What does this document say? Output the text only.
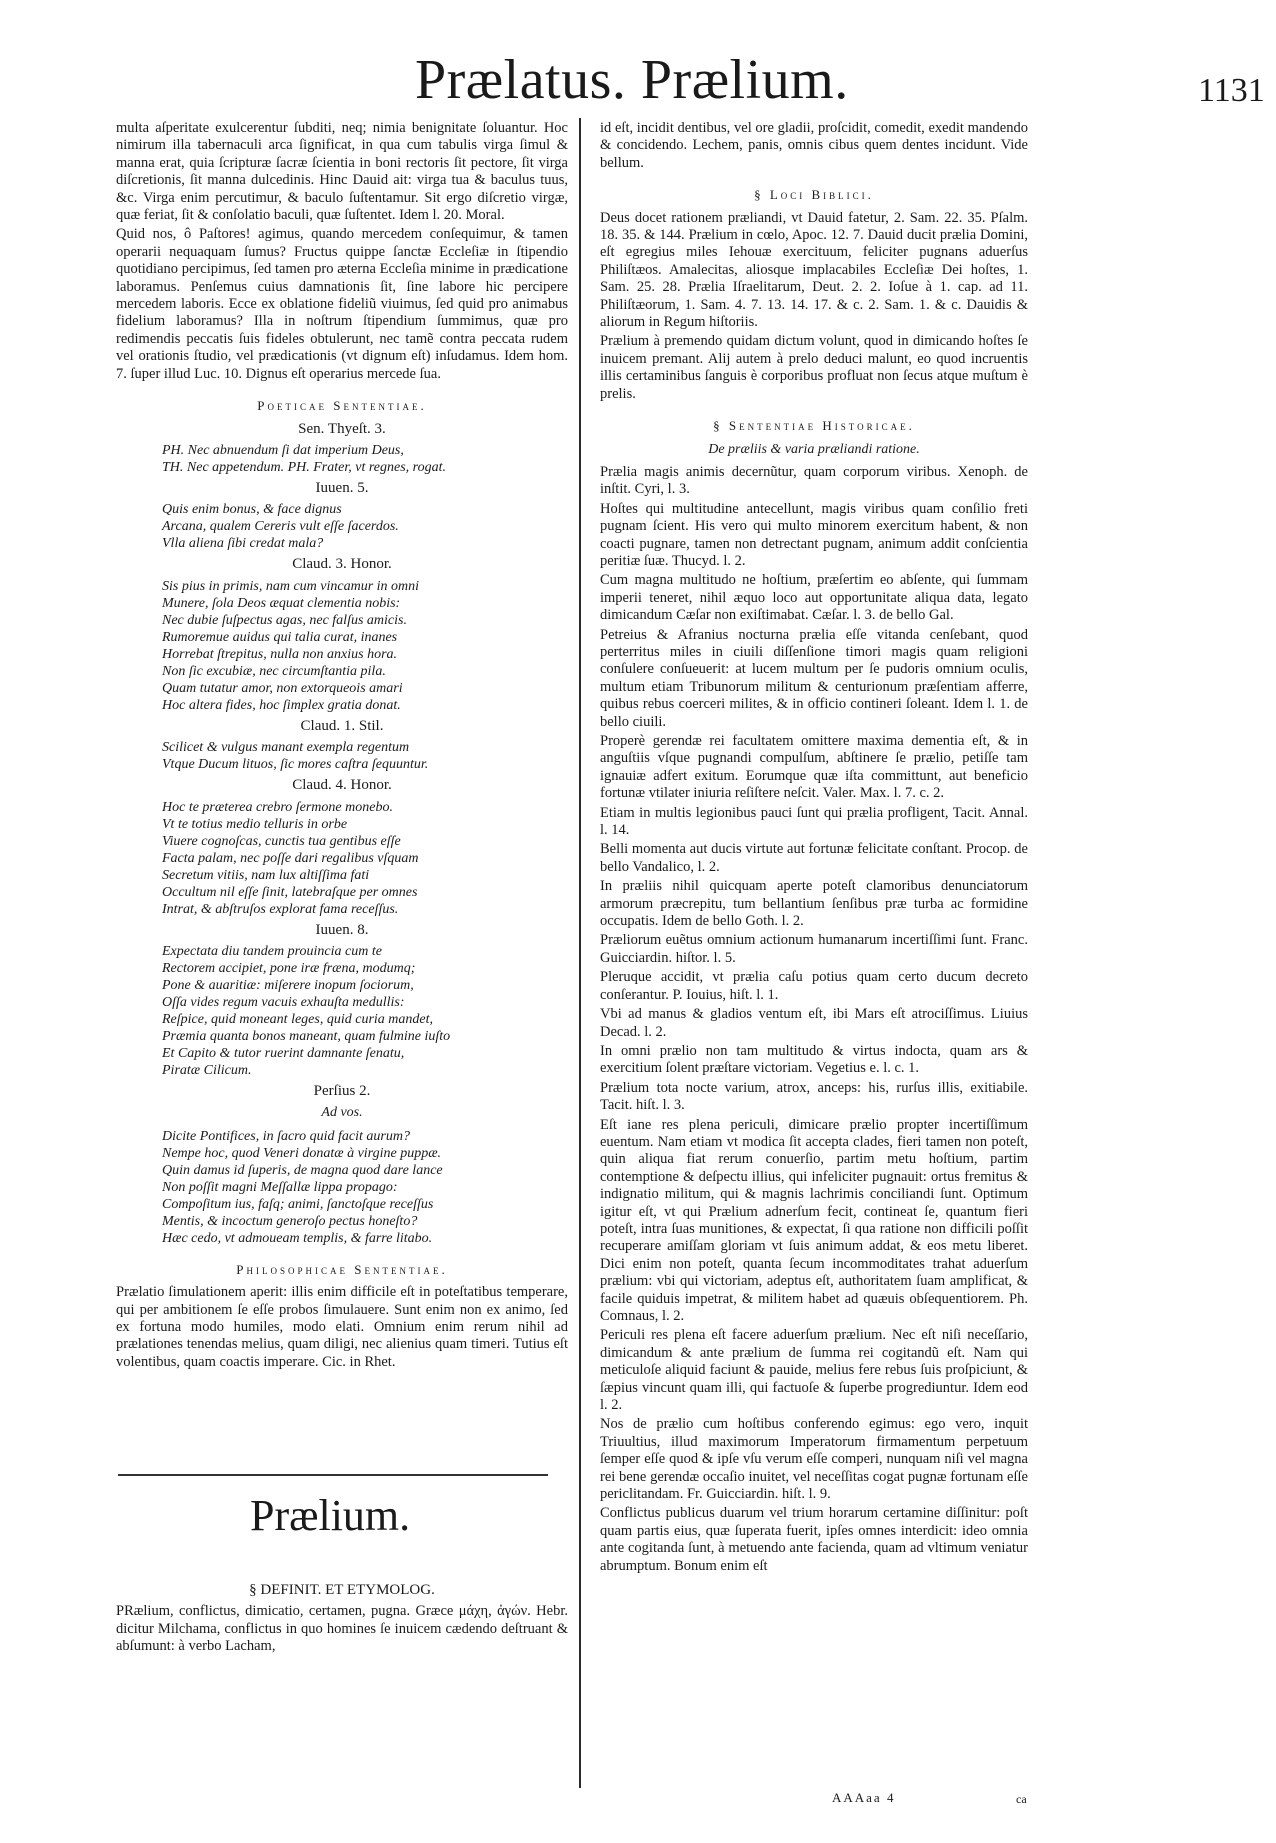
Prælatus. Prælium.	1131

multa aſperitate exulcerentur ſubditi, neq; nimia benignitate ſoluantur. Hoc nimirum illa tabernaculi arca ſignificat, in qua cum tabulis virga ſimul & manna erat, quia ſcripturæ ſacræ ſcientia in boni rectoris ſit pectore, ſit virga diſcretionis, ſit manna dulcedinis. Hinc Dauid ait: virga tua & baculus tuus, &c. Virga enim percutimur, & baculo ſuſtentamur. Sit ergo diſcretio virgæ, quæ feriat, ſit & conſolatio baculi, quæ ſuſtentet. Idem l. 20. Moral.

Quid nos, ô Paſtores! agimus, quando mercedem conſequimur, & tamen operarii nequaquam ſumus? Fructus quippe ſanctæ Eccleſiæ in ſtipendio quotidiano percipimus, ſed tamen pro æterna Eccleſia minime in prædicatione laboramus. Penſemus cuius damnationis ſit, ſine labore hic percipere mercedem laboris. Ecce ex oblatione fideliũ viuimus, ſed quid pro animabus fidelium laboramus? Illa in noſtrum ſtipendium ſummimus, quæ pro redimendis peccatis ſuis fideles obtulerunt, nec tamẽ contra peccata rudem vel orationis ſtudio, vel prædicationis (vt dignum eſt) inſudamus. Idem hom. 7. ſuper illud Luc. 10. Dignus eſt operarius mercede ſua.

Poeticae Sententiae.
Sen. Thyeſt. 3.
PH. Nec abnuendum ſi dat imperium Deus,
TH. Nec appetendum. PH. Frater, vt regnes, rogat.
Iuuen. 5.
Quis enim bonus, & face dignus
Arcana, qualem Cereris vult eſſe ſacerdos.
Vlla aliena ſibi credat mala?
Claud. 3. Honor.
Sis pius in primis, nam cum vincamur in omni
Munere, ſola Deos æquat clementia nobis:
Nec dubie ſuſpectus agas, nec falſus amicis.
Rumoremue auidus qui talia curat, inanes
Horrebat ſtrepitus, nulla non anxius hora.
Non ſic excubiæ, nec circumſtantia pila.
Quam tutatur amor, non extorqueois amari
Hoc altera fides, hoc ſimplex gratia donat.
Claud. 1. Stil.
Scilicet & vulgus manant exempla regentum
Vtque Ducum lituos, ſic mores caſtra ſequuntur.
Claud. 4. Honor.
Hoc te præterea crebro ſermone monebo.
Vt te totius medio telluris in orbe
Viuere cognoſcas, cunctis tua gentibus eſſe
Facta palam, nec poſſe dari regalibus vſquam
Secretum vitiis, nam lux altiſſima fati
Occultum nil eſſe ſinit, latebraſque per omnes
Intrat, & abſtruſos explorat fama receſſus.
Iuuen. 8.
Expectata diu tandem prouincia cum te
Rectorem accipiet, pone iræ fræna, modumq;
Pone & auaritiæ: miſerere inopum ſociorum,
Oſſa vides regum vacuis exhauſta medullis:
Reſpice, quid moneant leges, quid curia mandet,
Præmia quanta bonos maneant, quam fulmine iuſto
Et Capito & tutor ruerint damnante ſenatu,
Piratæ Cilicum.
Perſius 2.
Ad vos.
Dicite Pontifices, in ſacro quid facit aurum?
Nempe hoc, quod Veneri donatæ à virgine puppæ.
Quin damus id ſuperis, de magna quod dare lance
Non poſſit magni Meſſallæ lippa propago:
Compoſitum ius, faſq; animi, ſanctoſque receſſus
Mentis, & incoctum generoſo pectus honeſto?
Hæc cedo, vt admoueam templis, & farre litabo.
Philosophicae Sententiae.

Prælatio ſimulationem aperit: illis enim difficile eſt in poteſtatibus temperare, qui per ambitionem ſe eſſe probos ſimulauere. Sunt enim non ex animo, ſed ex fortuna modo humiles, modo elati. Omnium enim rerum nihil ad prælationes tenendas melius, quam diligi, nec alienius quam timeri. Tutius eſt volentibus, quam coactis imperare. Cic. in Rhet.

Prælium.
§ DEFINIT. ET ETYMOLOG.

PRælium, conflictus, dimicatio, certamen, pugna. Græce μάχη, ἀγών. Hebr. dicitur Milchama, conflictus in quo homines ſe inuicem cædendo deſtruant & abſumunt: à verbo Lacham,

id eſt, incidit dentibus, vel ore gladii, proſcidit, comedit, exedit mandendo & concidendo. Lechem, panis, omnis cibus quem dentes incidunt. Vide bellum.

§ Loci Biblici.

Deus docet rationem præliandi, vt Dauid fatetur, 2. Sam. 22. 35. Pſalm. 18. 35. & 144. Prælium in cœlo, Apoc. 12. 7. Dauid ducit prælia Domini, eſt egregius miles Iehouæ exercituum, feliciter pugnans aduerſus Philiſtæos. Amalecitas, aliosque implacabiles Eccleſiæ Dei hoſtes, 1. Sam. 25. 28. Prælia Iſraelitarum, Deut. 2. 2. Ioſue à 1. cap. ad 11. Philiſtæorum, 1. Sam. 4. 7. 13. 14. 17. & c. 2. Sam. 1. & c. Dauidis & aliorum in Regum hiſtoriis.

Prælium à premendo quidam dictum volunt, quod in dimicando hoſtes ſe inuicem premant. Alij autem à prelo deduci malunt, eo quod incruentis illis certaminibus ſanguis è corporibus profluat non ſecus atque muſtum è prelis.

§ Sententiae Historicae.
De præliis & varia præliandi ratione.

Prælia magis animis decernũtur, quam corporum viribus. Xenoph. de inſtit. Cyri, l. 3.

Hoſtes qui multitudine antecellunt, magis viribus quam conſilio freti pugnam ſcient. His vero qui multo minorem exercitum habent, & non coacti pugnare, tamen non detrectant pugnam, animum addit conſcientia peritiæ ſuæ. Thucyd. l. 2.

Cum magna multitudo ne hoſtium, præſertim eo abſente, qui ſummam imperii teneret, nihil æquo loco aut opportunitate aliqua data, legato dimicandum Cæſar non exiſtimabat. Cæſar. l. 3. de bello Gal.

Petreius & Afranius nocturna prælia eſſe vitanda cenſebant, quod perterritus miles in ciuili diſſenſione timori magis quam religioni conſulere conſueuerit: at lucem multum per ſe pudoris omnium oculis, multum etiam Tribunorum militum & centurionum præſentiam afferre, quibus rebus coerceri milites, & in officio contineri ſoleant. Idem l. 1. de bello ciuili.

Properè gerendæ rei facultatem omittere maxima dementia eſt, & in anguſtiis vſque pugnandi compulſum, abſtinere ſe prælio, petiſſe tam ignauiæ adfert exitum. Eorumque quæ iſta committunt, aut beneficio fortunæ vtilater iniuria reſiſtere neſcit. Valer. Max. l. 7. c. 2.

Etiam in multis legionibus pauci ſunt qui prælia profligent, Tacit. Annal. l. 14.

Belli momenta aut ducis virtute aut fortunæ felicitate conſtant. Procop. de bello Vandalico, l. 2.

In præliis nihil quicquam aperte poteſt clamoribus denunciatorum armorum præcrepitu, tum bellantium ſenſibus præ turba ac formidine occupatis. Idem de bello Goth. l. 2.

Præliorum euẽtus omnium actionum humanarum incertiſſimi ſunt. Franc. Guicciardin. hiſtor. l. 5.

Pleruque accidit, vt prælia caſu potius quam certo ducum decreto conſerantur. P. Iouius, hiſt. l. 1.

Vbi ad manus & gladios ventum eſt, ibi Mars eſt atrociſſimus. Liuius Decad. l. 2.

In omni prælio non tam multitudo & virtus indocta, quam ars & exercitium ſolent præſtare victoriam. Vegetius e. l. c. 1.

Prælium tota nocte varium, atrox, anceps: his, rurſus illis, exitiabile. Tacit. hiſt. l. 3.

Eſt iane res plena periculi, dimicare prælio propter incertiſſimum euentum. Nam etiam vt modica ſit accepta clades, fieri tamen non poteſt, quin aliqua fiat rerum conuerſio, partim metu hoſtium, partim contemptione & deſpectu illius, qui infeliciter pugnauit: ortus fremitus & indignatio militum, qui & magnis lachrimis conciliandi ſunt. Optimum igitur eſt, vt qui Prælium adnerſum fecit, contineat ſe, quantum fieri poteſt, intra ſuas munitiones, & expectat, ſi qua ratione non difficili poſſit recuperare amiſſam gloriam vt ſuis animum addat, & eos metu liberet. Dici enim non poteſt, quanta ſecum incommoditates trahat aduerſum prælium: vbi qui victoriam, adeptus eſt, authoritatem ſuam amplificat, & facile quiduis impetrat, & militem habet ad quæuis obſequentiorem. Ph. Comnaus, l. 2.

Periculi res plena eſt facere aduerſum prælium. Nec eſt niſi neceſſario, dimicandum & ante prælium de ſumma rei cogitandũ eſt. Nam qui meticuloſe aliquid faciunt & pauide, melius fere rebus ſuis proſpiciunt, & ſæpius vincunt quam illi, qui factuoſe & ſuperbe progrediuntur. Idem eod l. 2.

Nos de prælio cum hoſtibus conferendo egimus: ego vero, inquit Triuultius, illud maximorum Imperatorum firmamentum perpetuum ſemper eſſe quod & ipſe vſu verum eſſe comperi, nunquam niſi vel magna rei bene gerendæ occaſio inuitet, vel neceſſitas cogat pugnæ fortunam eſſe periclitandam. Fr. Guicciardin. hiſt. l. 9.

Conflictus publicus duarum vel trium horarum certamine diſſinitur: poſt quam partis eius, quæ ſuperata fuerit, ipſes omnes interdicit: ideo omnia ante cogitanda ſunt, à metuendo ante facienda, quam ad vltimum veniatur abrumptum. Bonum enim eſt

AAAaa 4	ca
